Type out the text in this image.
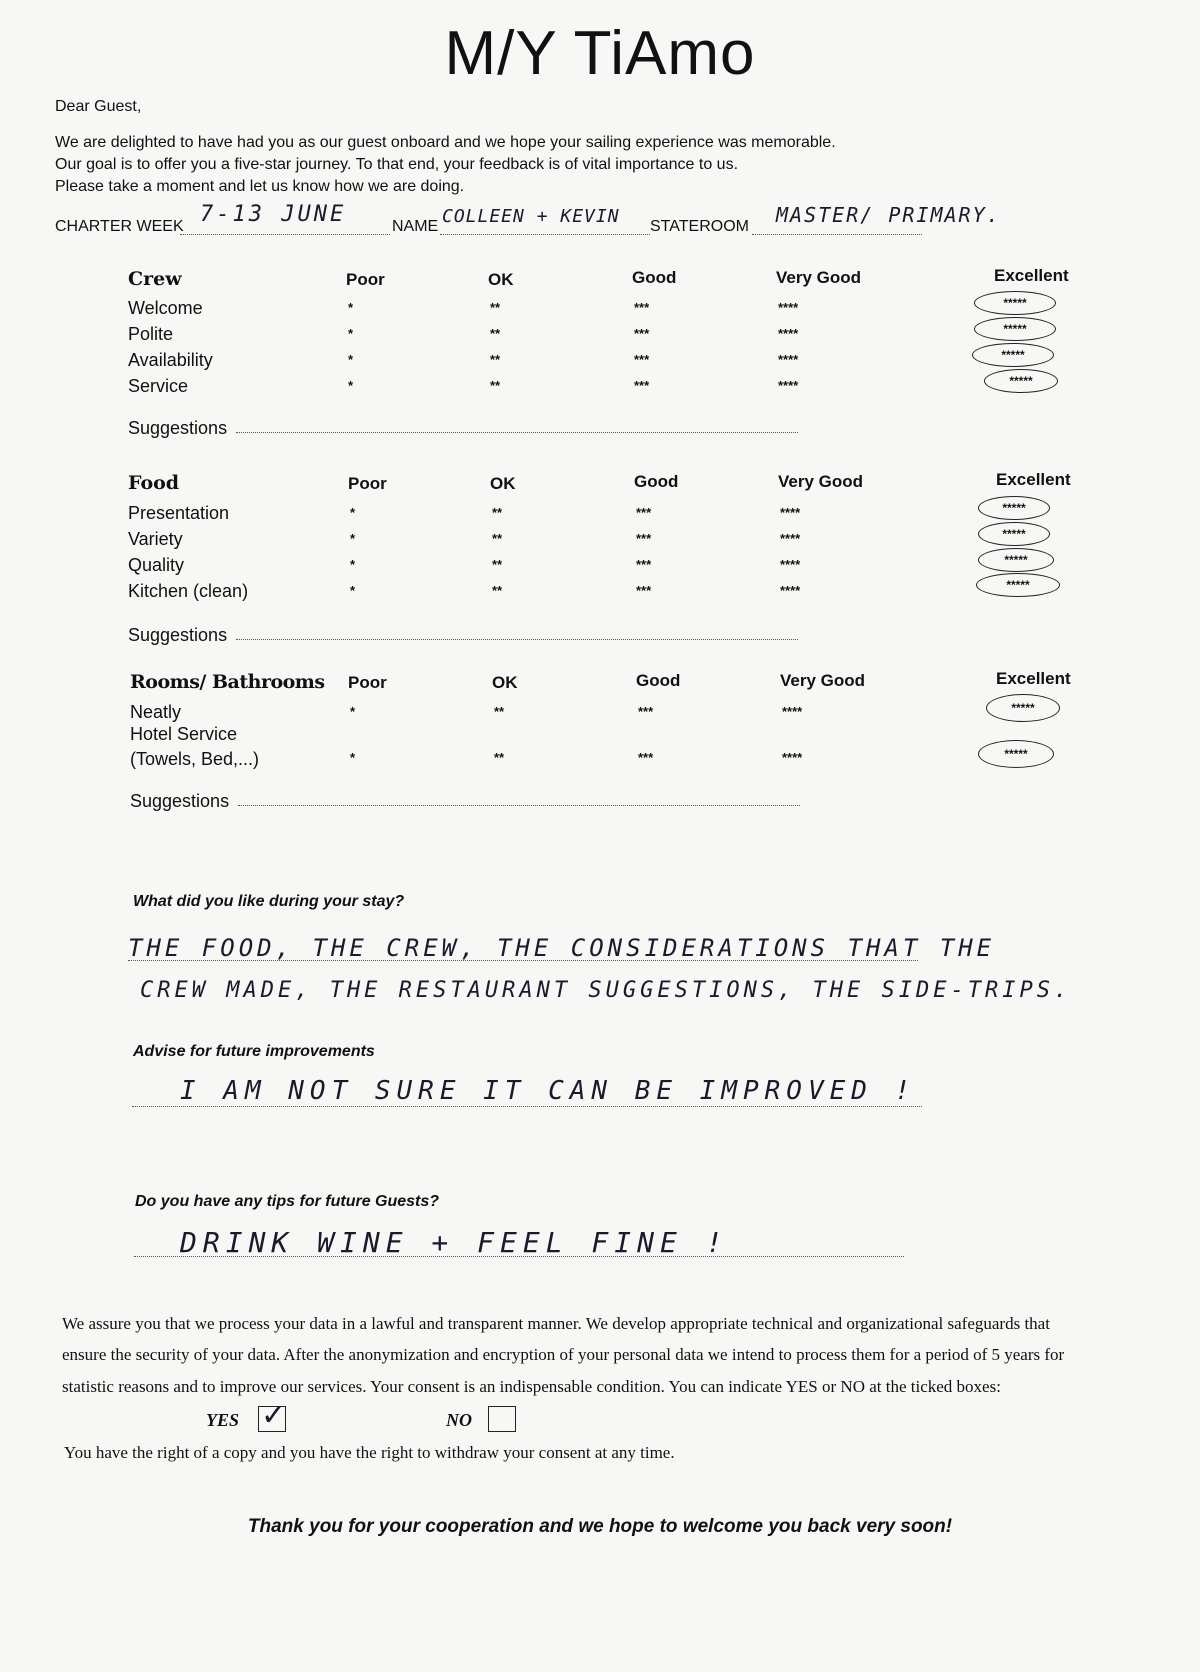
M/Y TiAmo
Dear Guest,
We are delighted to have had you as our guest onboard and we hope your sailing experience was memorable.
Our goal is to offer you a five-star journey. To that end, your feedback is of vital importance to us.
Please take a moment and let us know how we are doing.
CHARTER WEEK 7-13 JUNE	NAME COLLEEN + KEVIN STATEROOM MASTER/ PRIMARY.
Crew	Poor	OK	Good	Very Good	Excellent
Welcome	*	**	***	****	*****
Polite	*	**	***	****	*****
Availability	*	**	***	****	*****
Service	*	**	***	****	*****
Suggestions
Food	Poor	OK	Good	Very Good	Excellent
Presentation	*	**	***	****	*****
Variety	*	**	***	****	*****
Quality	*	**	***	****	*****
Kitchen (clean)	*	**	***	****	*****
Suggestions
Rooms/ Bathrooms Poor	OK	Good	Very Good	Excellent
Neatly	*	**	***	****	*****
Hotel Service
(Towels, Bed,...)	*	**	***	****	*****
Suggestions
What did you like during your stay?
THE FOOD, THE CREW, THE CONSIDERATIONS THAT THE
CREW MADE, THE RESTAURANT SUGGESTIONS, THE SIDE-TRIPS.
Advise for future improvements
I AM NOT SURE IT CAN BE IMPROVED !
Do you have any tips for future Guests?
DRINK WINE + FEEL FINE !
We assure you that we process your data in a lawful and transparent manner. We develop appropriate technical and organizational safeguards that
ensure the security of your data. After the anonymization and encryption of your personal data we intend to process them for a period of 5 years for
statistic reasons and to improve our services. Your consent is an indispensable condition. You can indicate YES or NO at the ticked boxes:
YES ✓	NO
You have the right of a copy and you have the right to withdraw your consent at any time.
Thank you for your cooperation and we hope to welcome you back very soon!
